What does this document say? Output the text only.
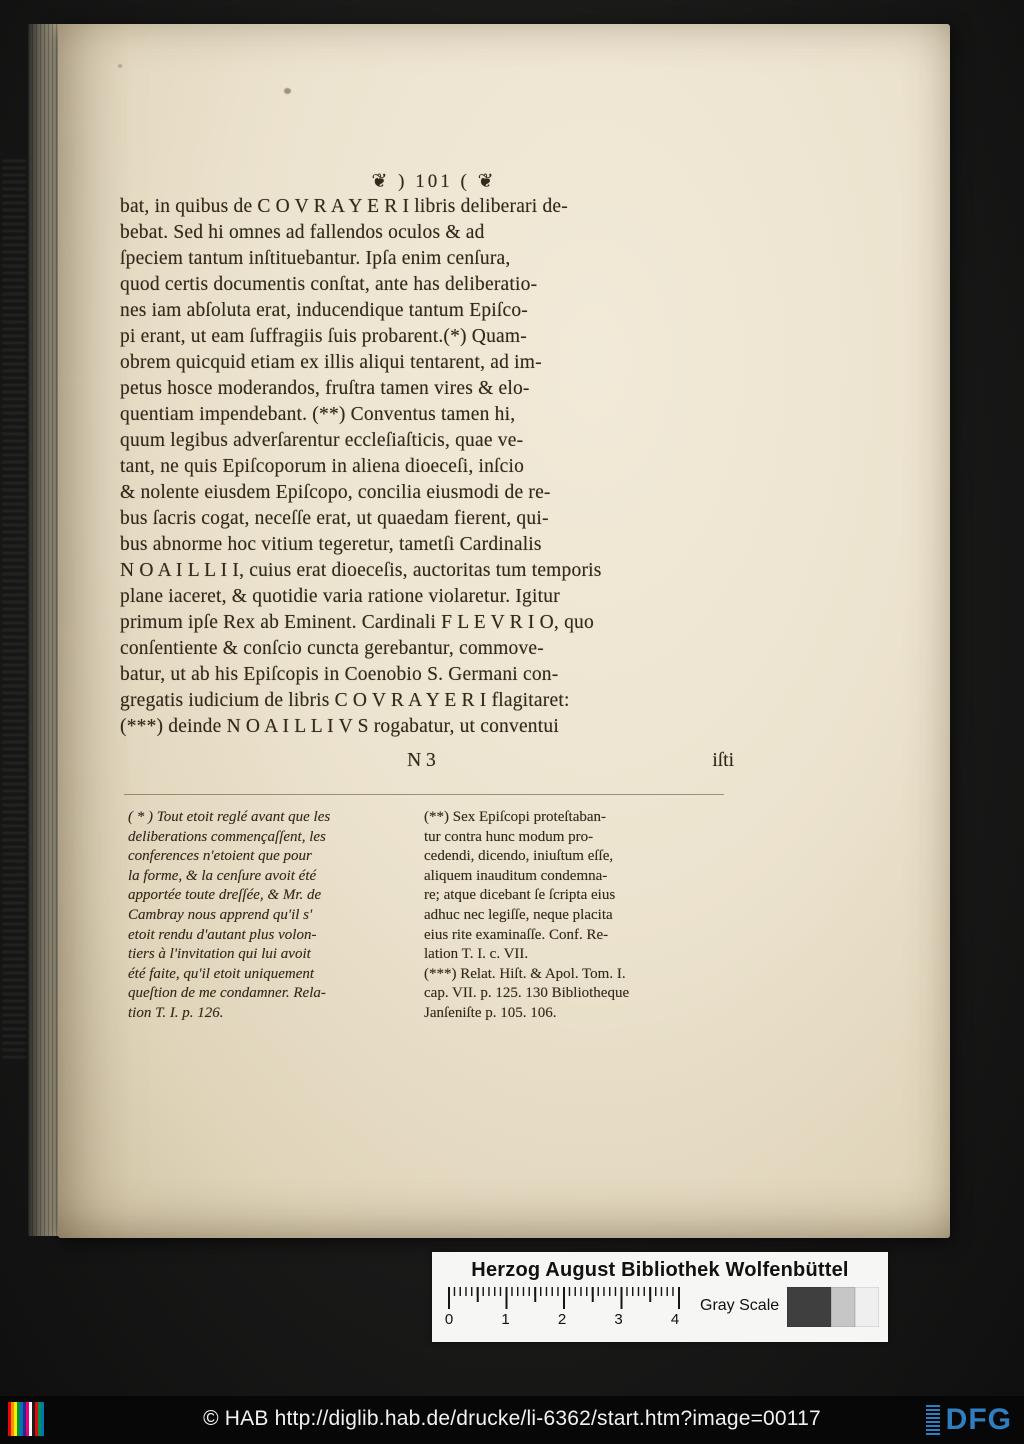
❦ ) 101 ( ❦
bat, in quibus de C O V R A Y E R I libris deliberari de-
bebat. Sed hi omnes ad fallendos oculos & ad
ſpeciem tantum inſtituebantur. Ipſa enim cenſura,
quod certis documentis conſtat, ante has deliberatio-
nes iam abſoluta erat, inducendique tantum Epiſco-
pi erant, ut eam ſuffragiis ſuis probarent.(*) Quam-
obrem quicquid etiam ex illis aliqui tentarent, ad im-
petus hosce moderandos, fruſtra tamen vires & elo-
quentiam impendebant. (**) Conventus tamen hi,
quum legibus adverſarentur eccleſiaſticis, quae ve-
tant, ne quis Epiſcoporum in aliena dioeceſi, inſcio
& nolente eiusdem Epiſcopo, concilia eiusmodi de re-
bus ſacris cogat, neceſſe erat, ut quaedam fierent, qui-
bus abnorme hoc vitium tegeretur, tametſi Cardinalis
N O A I L L I I, cuius erat dioeceſis, auctoritas tum temporis
plane iaceret, & quotidie varia ratione violaretur. Igitur
primum ipſe Rex ab Eminent. Cardinali F L E V R I O, quo
conſentiente & conſcio cuncta gerebantur, commove-
batur, ut ab his Epiſcopis in Coenobio S. Germani con-
gregatis iudicium de libris C O V R A Y E R I flagitaret:
(***) deinde N O A I L L I V S rogabatur, ut conventui
N 3	iſti
( * ) Tout etoit reglé avant que les
deliberations commençaſſent, les
conferences n'etoient que pour
la forme, & la cenſure avoit été
apportée toute dreſſée, & Mr. de
Cambray nous apprend qu'il s'
etoit rendu d'autant plus volon-
tiers à l'invitation qui lui avoit
été faite, qu'il etoit uniquement
queſtion de me condamner. Rela-
tion T. I. p. 126.
(**) Sex Epiſcopi proteſtaban-
tur contra hunc modum pro-
cedendi, dicendo, iniuſtum eſſe,
aliquem inauditum condemna-
re; atque dicebant ſe ſcripta eius
adhuc nec legiſſe, neque placita
eius rite examinaſſe. Conf. Re-
lation T. I. c. VII.
(***) Relat. Hiſt. & Apol. Tom. I.
cap. VII. p. 125. 130 Bibliotheque
Janſeniſte p. 105. 106.
Herzog August Bibliothek Wolfenbüttel
0	1	2	3	4
Gray Scale
© HAB http://diglib.hab.de/drucke/li-6362/start.htm?image=00117	DFG
